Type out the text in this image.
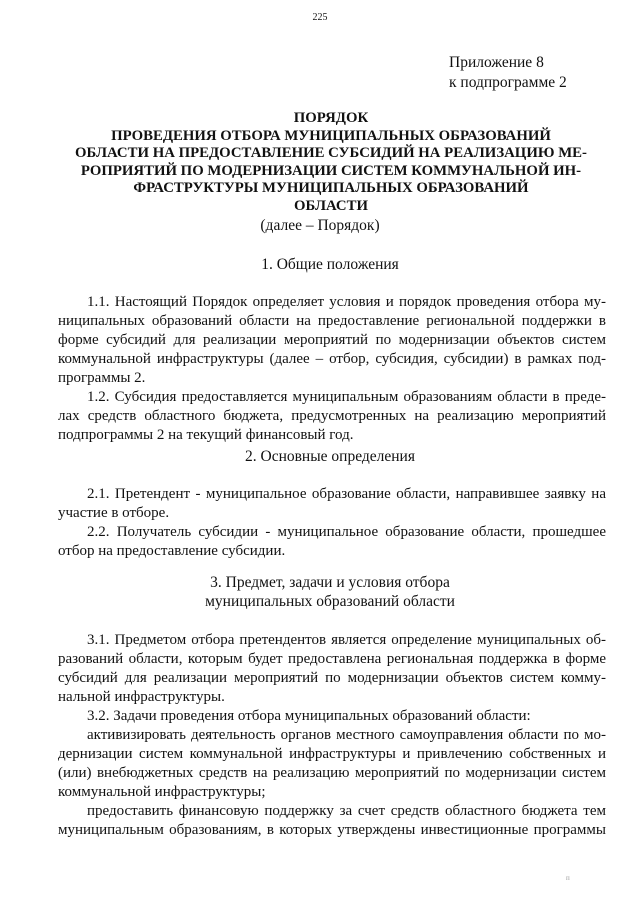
225
Приложение 8
к подпрограмме 2
ПОРЯДОК
ПРОВЕДЕНИЯ ОТБОРА МУНИЦИПАЛЬНЫХ ОБРАЗОВАНИЙ
ОБЛАСТИ НА ПРЕДОСТАВЛЕНИЕ СУБСИДИЙ НА РЕАЛИЗАЦИЮ МЕ-
РОПРИЯТИЙ ПО МОДЕРНИЗАЦИИ СИСТЕМ КОММУНАЛЬНОЙ ИН-
ФРАСТРУКТУРЫ МУНИЦИПАЛЬНЫХ ОБРАЗОВАНИЙ
ОБЛАСТИ
(далее – Порядок)
1. Общие положения
1.1. Настоящий Порядок определяет условия и порядок проведения отбора му-
ниципальных образований области на предоставление региональной поддержки в
форме субсидий для реализации мероприятий по модернизации объектов систем
коммунальной инфраструктуры (далее – отбор, субсидия, субсидии) в рамках под-
программы 2.
1.2. Субсидия предоставляется муниципальным образованиям области в преде-
лах средств областного бюджета, предусмотренных на реализацию мероприятий
подпрограммы 2 на текущий финансовый год.
2. Основные определения
2.1. Претендент - муниципальное образование области, направившее заявку на
участие в отборе.
2.2. Получатель субсидии - муниципальное образование области, прошедшее
отбор на предоставление субсидии.
3. Предмет, задачи и условия отбора
муниципальных образований области
3.1. Предметом отбора претендентов является определение муниципальных об-
разований области, которым будет предоставлена региональная поддержка в форме
субсидий для реализации мероприятий по модернизации объектов систем комму-
нальной инфраструктуры.
3.2. Задачи проведения отбора муниципальных образований области:
активизировать деятельность органов местного самоуправления области по мо-
дернизации систем коммунальной инфраструктуры и привлечению собственных и
(или) внебюджетных средств на реализацию мероприятий по модернизации систем
коммунальной инфраструктуры;
предоставить финансовую поддержку за счет средств областного бюджета тем
муниципальным образованиям, в которых утверждены инвестиционные программы
п
